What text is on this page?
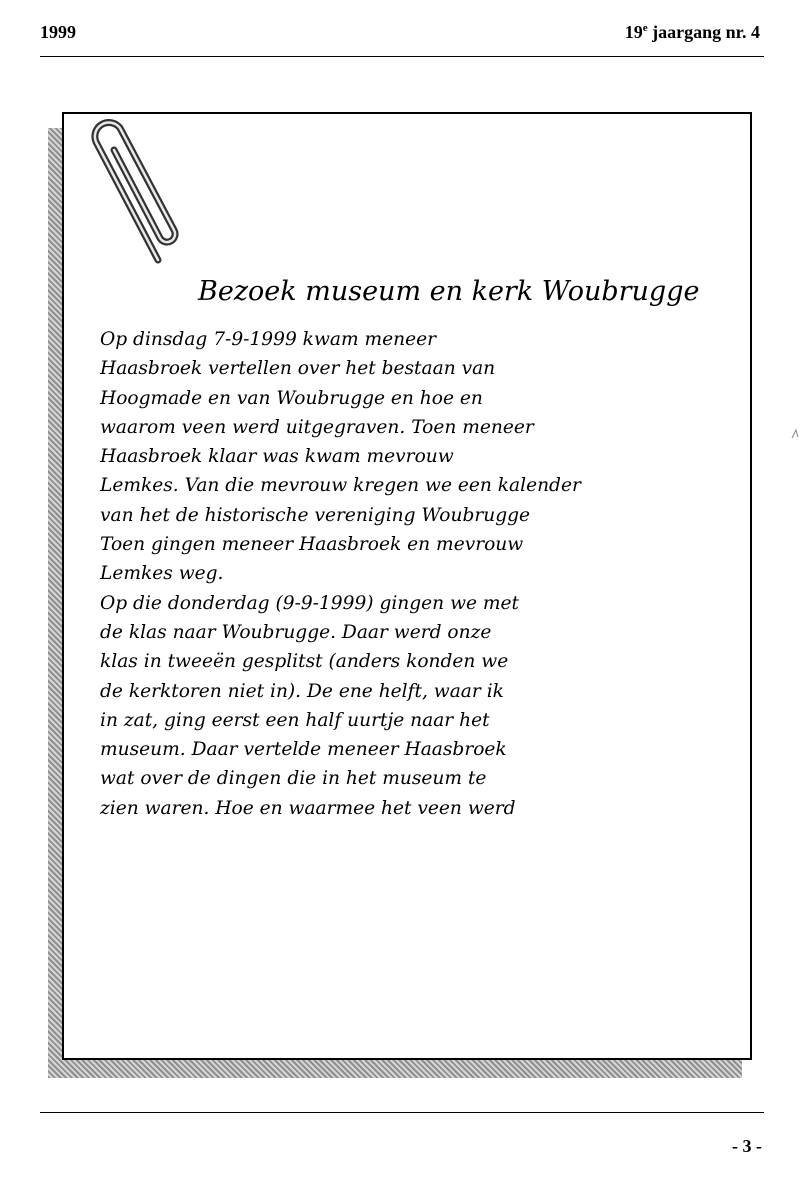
1999	19e jaargang nr. 4
Bezoek museum en kerk Woubrugge
Op dinsdag 7-9-1999 kwam meneer
Haasbroek vertellen over het bestaan van
Hoogmade en van Woubrugge en hoe en
waarom veen werd uitgegraven. Toen meneer
Haasbroek klaar was kwam mevrouw
Lemkes. Van die mevrouw kregen we een kalender
van het de historische vereniging Woubrugge
Toen gingen meneer Haasbroek en mevrouw
Lemkes weg.
Op die donderdag (9-9-1999) gingen we met
de klas naar Woubrugge. Daar werd onze
klas in tweeën gesplitst (anders konden we
de kerktoren niet in). De ene helft, waar ik
in zat, ging eerst een half uurtje naar het
museum. Daar vertelde meneer Haasbroek
wat over de dingen die in het museum te
zien waren. Hoe en waarmee het veen werd
- 3 -
